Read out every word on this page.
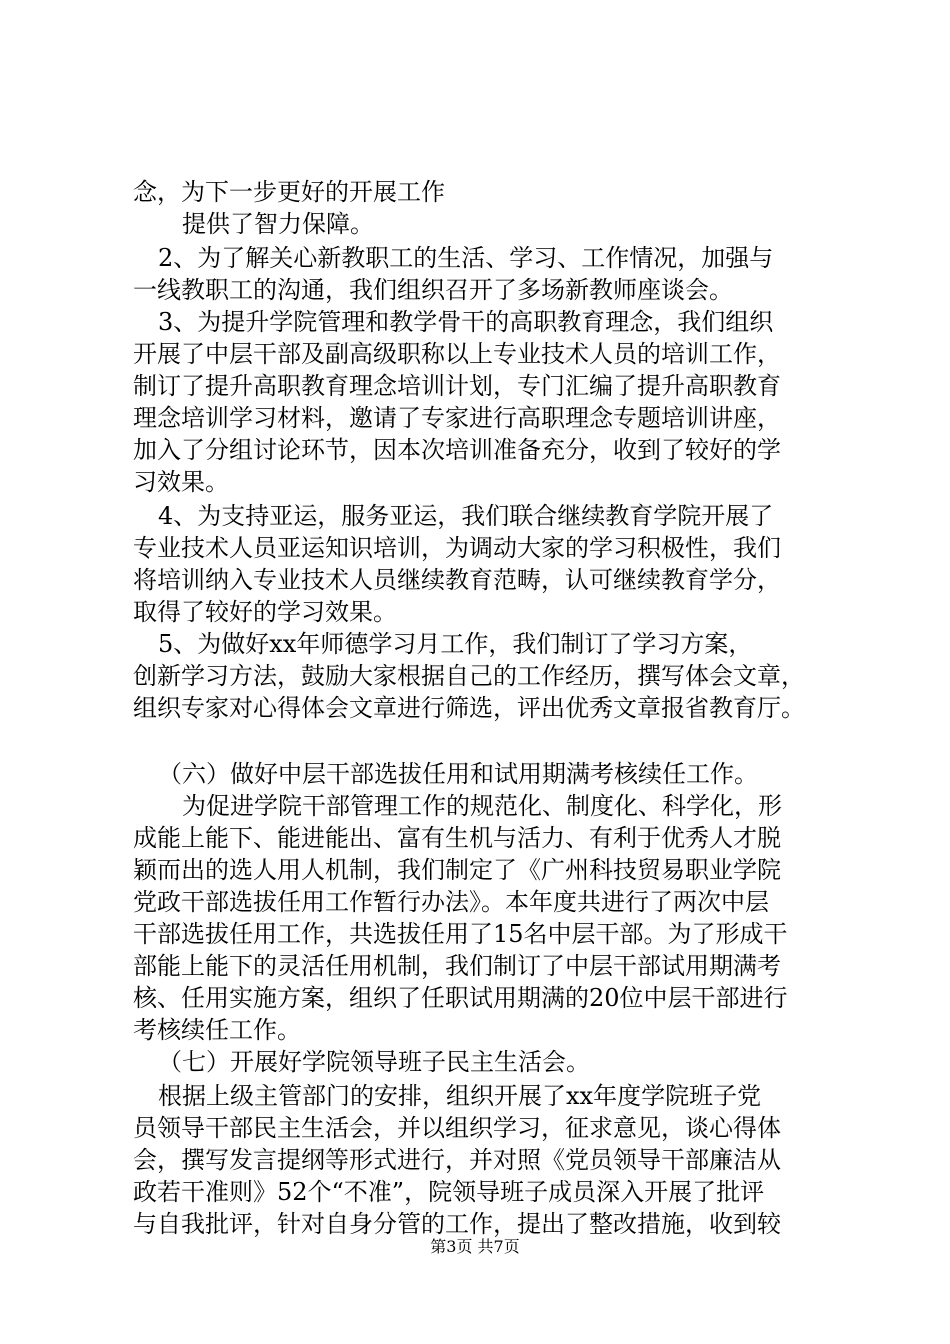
念，为下一步更好的开展工作
提供了智力保障。
2、为了解关心新教职工的生活、学习、工作情况，加强与
一线教职工的沟通，我们组织召开了多场新教师座谈会。
3、为提升学院管理和教学骨干的高职教育理念，我们组织
开展了中层干部及副高级职称以上专业技术人员的培训工作，
制订了提升高职教育理念培训计划，专门汇编了提升高职教育
理念培训学习材料，邀请了专家进行高职理念专题培训讲座，
加入了分组讨论环节，因本次培训准备充分，收到了较好的学
习效果。
4、为支持亚运，服务亚运，我们联合继续教育学院开展了
专业技术人员亚运知识培训，为调动大家的学习积极性，我们
将培训纳入专业技术人员继续教育范畴，认可继续教育学分，
取得了较好的学习效果。
5、为做好xx年师德学习月工作，我们制订了学习方案，
创新学习方法，鼓励大家根据自己的工作经历，撰写体会文章，
组织专家对心得体会文章进行筛选，评出优秀文章报省教育厅。
（六）做好中层干部选拔任用和试用期满考核续任工作。
为促进学院干部管理工作的规范化、制度化、科学化，形
成能上能下、能进能出、富有生机与活力、有利于优秀人才脱
颖而出的选人用人机制，我们制定了《广州科技贸易职业学院
党政干部选拔任用工作暂行办法》。本年度共进行了两次中层
干部选拔任用工作，共选拔任用了15名中层干部。为了形成干
部能上能下的灵活任用机制，我们制订了中层干部试用期满考
核、任用实施方案，组织了任职试用期满的20位中层干部进行
考核续任工作。
（七）开展好学院领导班子民主生活会。
根据上级主管部门的安排，组织开展了xx年度学院班子党
员领导干部民主生活会，并以组织学习，征求意见，谈心得体
会，撰写发言提纲等形式进行，并对照《党员领导干部廉洁从
政若干准则》52个“不准”，院领导班子成员深入开展了批评
与自我批评，针对自身分管的工作，提出了整改措施，收到较
第3页 共7页
